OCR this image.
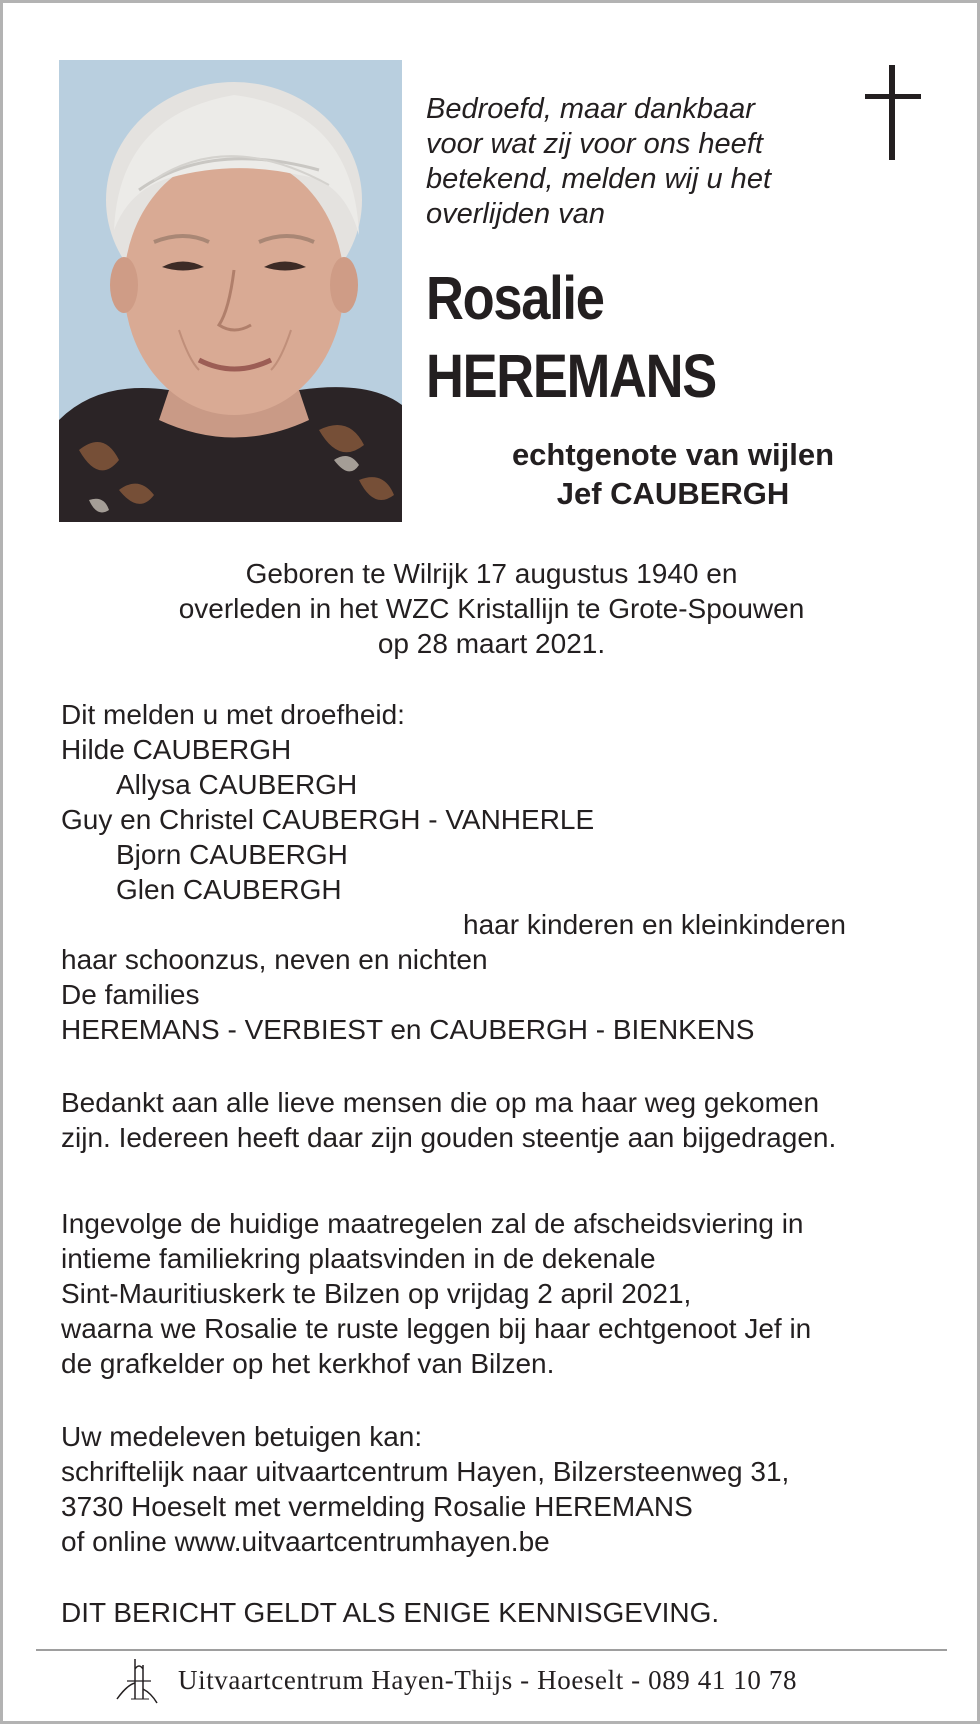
Bedroefd, maar dankbaar
voor wat zij voor ons heeft
betekend, melden wij u het
overlijden van
Rosalie
HEREMANS
echtgenote van wijlen
Jef CAUBERGH
Geboren te Wilrijk 17 augustus 1940 en
overleden in het WZC Kristallijn te Grote-Spouwen
op 28 maart 2021.
Dit melden u met droefheid:
Hilde CAUBERGH
Allysa CAUBERGH
Guy en Christel CAUBERGH - VANHERLE
Bjorn CAUBERGH
Glen CAUBERGH
haar kinderen en kleinkinderen
haar schoonzus, neven en nichten
De families
HEREMANS - VERBIEST en CAUBERGH - BIENKENS
Bedankt aan alle lieve mensen die op ma haar weg gekomen
zijn. Iedereen heeft daar zijn gouden steentje aan bijgedragen.
Ingevolge de huidige maatregelen zal de afscheidsviering in
intieme familiekring plaatsvinden in de dekenale
Sint-Mauritiuskerk te Bilzen op vrijdag 2 april 2021,
waarna we Rosalie te ruste leggen bij haar echtgenoot Jef in
de grafkelder op het kerkhof van Bilzen.
Uw medeleven betuigen kan:
schriftelijk naar uitvaartcentrum Hayen, Bilzersteenweg 31,
3730 Hoeselt met vermelding Rosalie HEREMANS
of online www.uitvaartcentrumhayen.be
DIT BERICHT GELDT ALS ENIGE KENNISGEVING.
Uitvaartcentrum Hayen-Thijs - Hoeselt - 089 41 10 78
